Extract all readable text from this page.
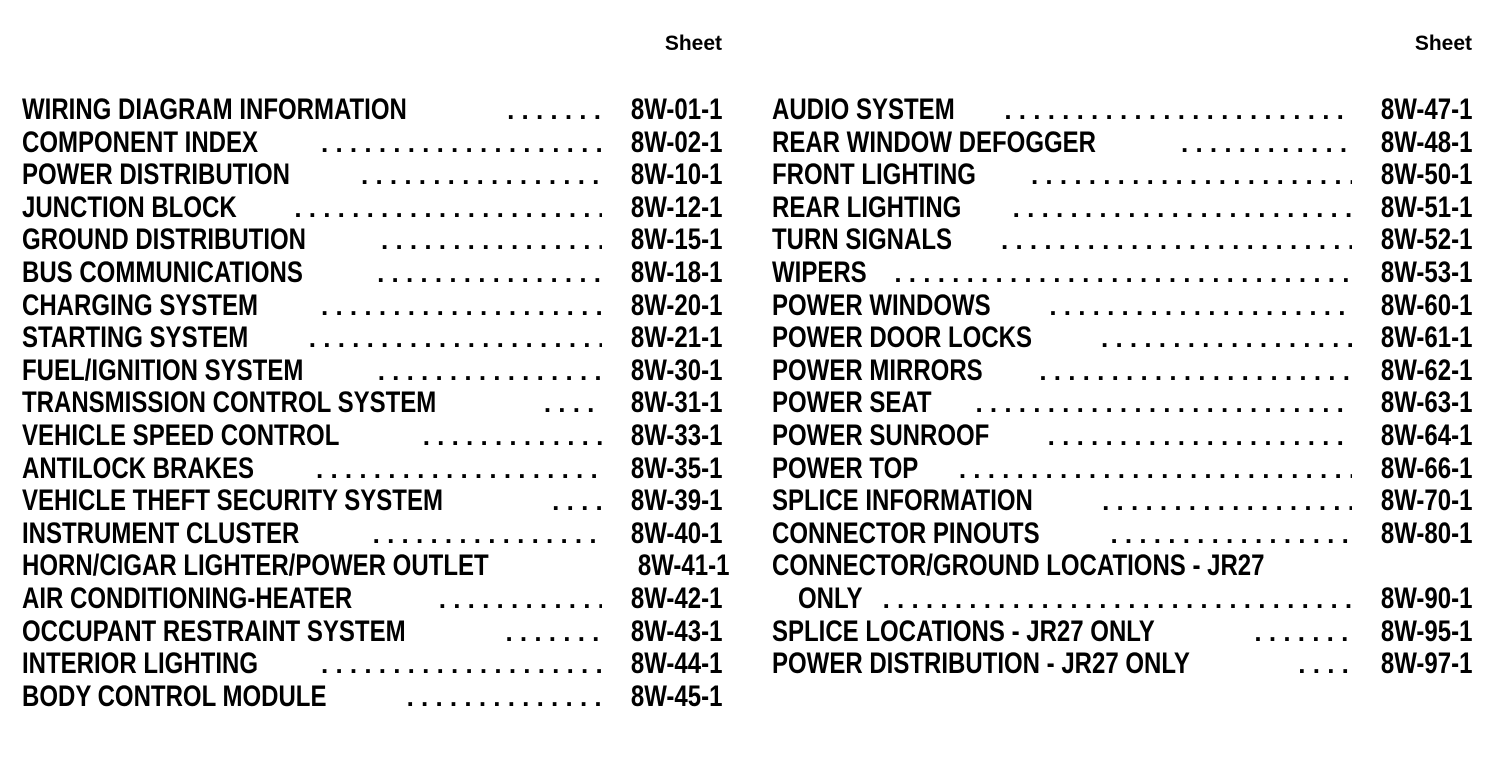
Sheet
WIRING DIAGRAM INFORMATION . . .	8W-01-1
COMPONENT INDEX . . .	8W-02-1
POWER DISTRIBUTION . . .	8W-10-1
JUNCTION BLOCK . . .	8W-12-1
GROUND DISTRIBUTION . . .	8W-15-1
BUS COMMUNICATIONS . . .	8W-18-1
CHARGING SYSTEM . . .	8W-20-1
STARTING SYSTEM . . .	8W-21-1
FUEL/IGNITION SYSTEM . . .	8W-30-1
TRANSMISSION CONTROL SYSTEM . . .	8W-31-1
VEHICLE SPEED CONTROL . . .	8W-33-1
ANTILOCK BRAKES . . .	8W-35-1
VEHICLE THEFT SECURITY SYSTEM . . .	8W-39-1
INSTRUMENT CLUSTER . . .	8W-40-1
HORN/CIGAR LIGHTER/POWER OUTLET	8W-41-1
AIR CONDITIONING-HEATER . . .	8W-42-1
OCCUPANT RESTRAINT SYSTEM . . .	8W-43-1
INTERIOR LIGHTING . . .	8W-44-1
BODY CONTROL MODULE . . .	8W-45-1
Sheet
AUDIO SYSTEM . . .	8W-47-1
REAR WINDOW DEFOGGER . . .	8W-48-1
FRONT LIGHTING . . .	8W-50-1
REAR LIGHTING . . .	8W-51-1
TURN SIGNALS . . .	8W-52-1
WIPERS . . .	8W-53-1
POWER WINDOWS . . .	8W-60-1
POWER DOOR LOCKS . . .	8W-61-1
POWER MIRRORS . . .	8W-62-1
POWER SEAT . . .	8W-63-1
POWER SUNROOF . . .	8W-64-1
POWER TOP . . .	8W-66-1
SPLICE INFORMATION . . .	8W-70-1
CONNECTOR PINOUTS . . .	8W-80-1
CONNECTOR/GROUND LOCATIONS - JR27
ONLY . . .	8W-90-1
SPLICE LOCATIONS - JR27 ONLY . . .	8W-95-1
POWER DISTRIBUTION - JR27 ONLY . . .	8W-97-1
